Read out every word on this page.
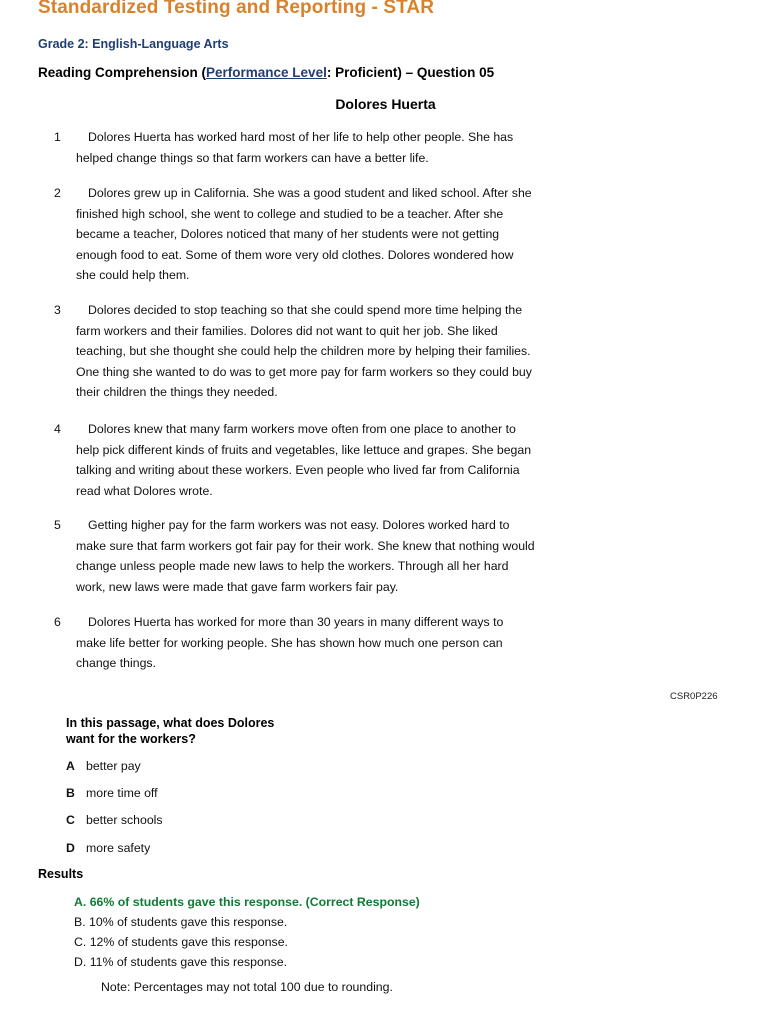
Standardized Testing and Reporting - STAR
Grade 2: English-Language Arts
Reading Comprehension (Performance Level: Proficient) – Question 05
Dolores Huerta
1	Dolores Huerta has worked hard most of her life to help other people. She has helped change things so that farm workers can have a better life.
2	Dolores grew up in California. She was a good student and liked school. After she finished high school, she went to college and studied to be a teacher. After she became a teacher, Dolores noticed that many of her students were not getting enough food to eat. Some of them wore very old clothes. Dolores wondered how she could help them.
3	Dolores decided to stop teaching so that she could spend more time helping the farm workers and their families. Dolores did not want to quit her job. She liked teaching, but she thought she could help the children more by helping their families. One thing she wanted to do was to get more pay for farm workers so they could buy their children the things they needed.
4	Dolores knew that many farm workers move often from one place to another to help pick different kinds of fruits and vegetables, like lettuce and grapes. She began talking and writing about these workers. Even people who lived far from California read what Dolores wrote.
5	Getting higher pay for the farm workers was not easy. Dolores worked hard to make sure that farm workers got fair pay for their work. She knew that nothing would change unless people made new laws to help the workers. Through all her hard work, new laws were made that gave farm workers fair pay.
6	Dolores Huerta has worked for more than 30 years in many different ways to make life better for working people. She has shown how much one person can change things.
CSR0P226
In this passage, what does Dolores want for the workers?
A better pay
B more time off
C better schools
D more safety
Results
A. 66% of students gave this response. (Correct Response)
B. 10% of students gave this response.
C. 12% of students gave this response.
D. 11% of students gave this response.
Note: Percentages may not total 100 due to rounding.
